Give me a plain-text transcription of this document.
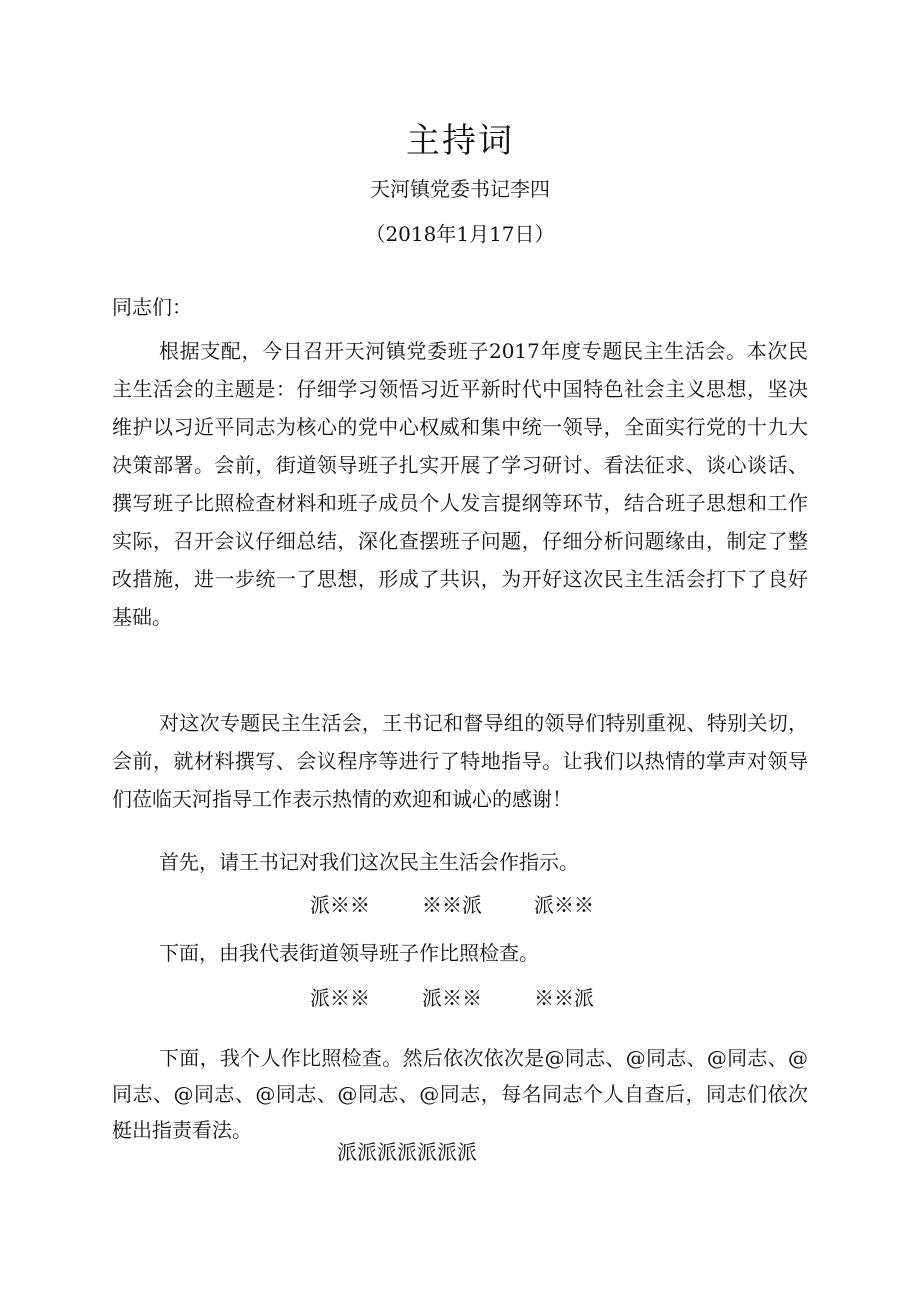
主持词
天河镇党委书记李四
（2018年1月17日）

同志们：

根据支配，今日召开天河镇党委班子2017年度专题民主生活会。本次民主生活会的主题是：仔细学习领悟习近平新时代中国特色社会主义思想，坚决维护以习近平同志为核心的党中心权威和集中统一领导，全面实行党的十九大决策部署。会前，街道领导班子扎实开展了学习研讨、看法征求、谈心谈话、撰写班子比照检查材料和班子成员个人发言提纲等环节，结合班子思想和工作实际，召开会议仔细总结，深化查摆班子问题，仔细分析问题缘由，制定了整改措施，进一步统一了思想，形成了共识，为开好这次民主生活会打下了良好基础。

对这次专题民主生活会，王书记和督导组的领导们特别重视、特别关切，会前，就材料撰写、会议程序等进行了特地指导。让我们以热情的掌声对领导们莅临天河指导工作表示热情的欢迎和诚心的感谢！

首先，请王书记对我们这次民主生活会作指示。

派※※	※※派	派※※

下面，由我代表街道领导班子作比照检查。

派※※	派※※	※※派

下面，我个人作比照检查。然后依次依次是@同志、@同志、@同志、@同志、@同志、@同志、@同志、@同志，每名同志个人自查后，同志们依次梃出指责看法。

派派派派派派派
